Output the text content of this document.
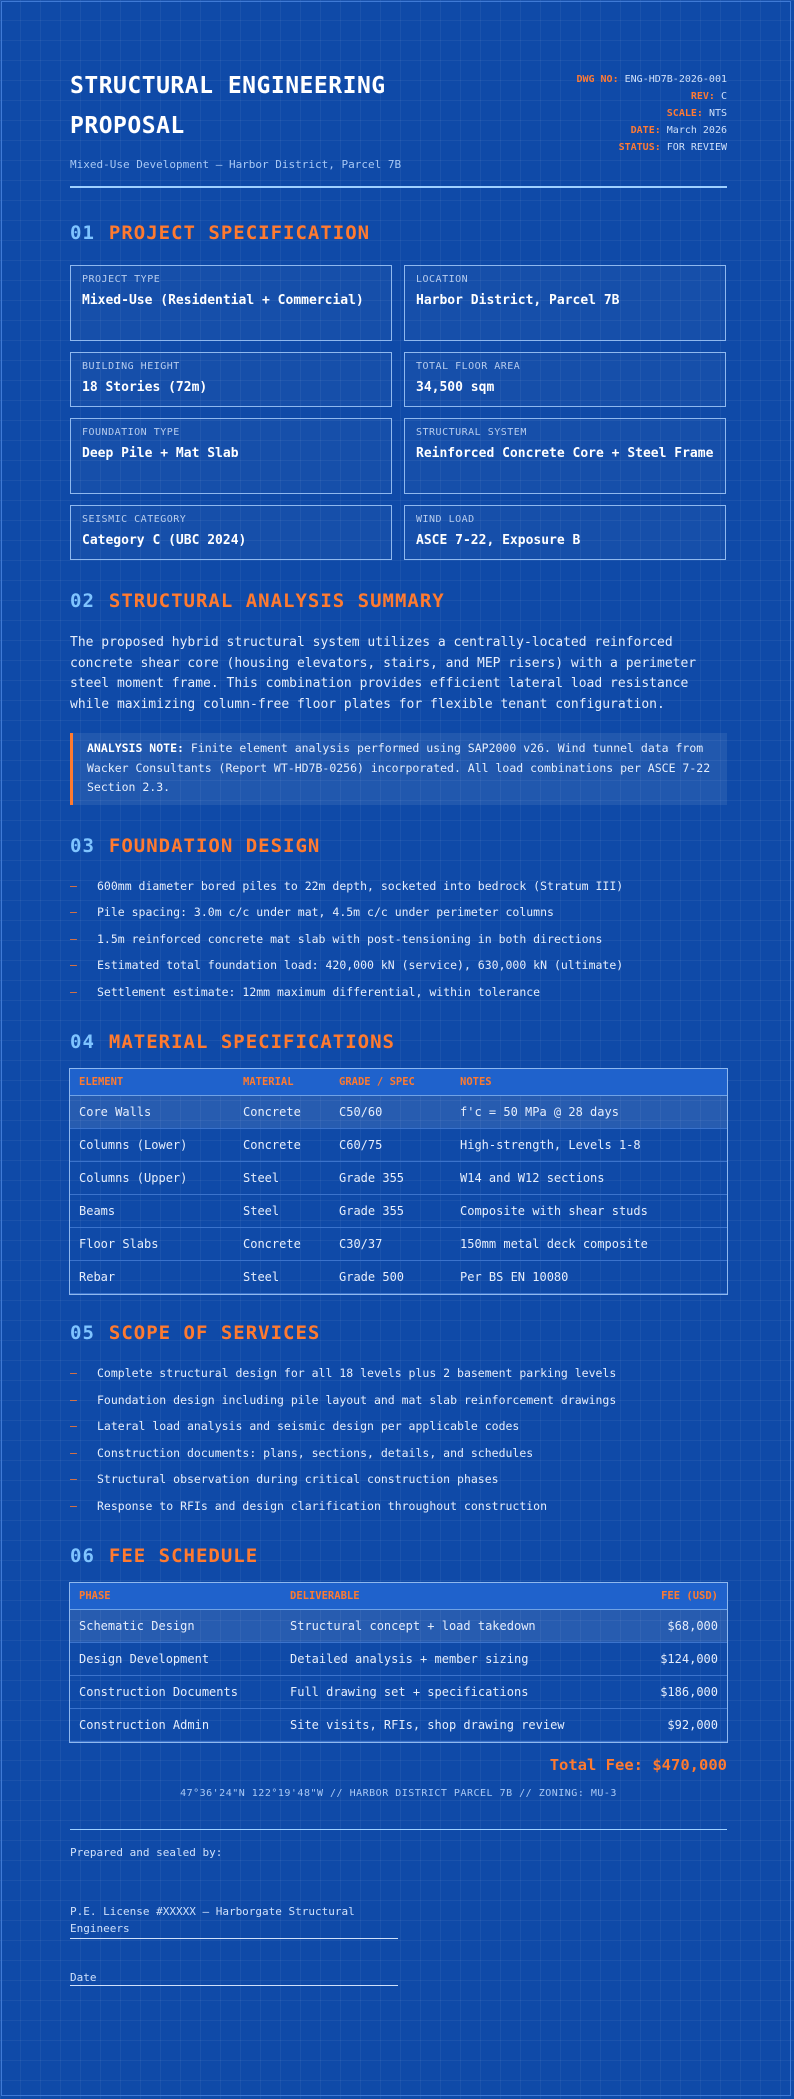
STRUCTURAL ENGINEERING PROPOSAL
Mixed-Use Development — Harbor District, Parcel 7B
DWG NO: ENG-HD7B-2026-001
REV: C
SCALE: NTS
DATE: March 2026
STATUS: FOR REVIEW
01 PROJECT SPECIFICATION
PROJECT TYPE
Mixed-Use (Residential + Commercial)
LOCATION
Harbor District, Parcel 7B
BUILDING HEIGHT
18 Stories (72m)
TOTAL FLOOR AREA
34,500 sqm
FOUNDATION TYPE
Deep Pile + Mat Slab
STRUCTURAL SYSTEM
Reinforced Concrete Core + Steel Frame
SEISMIC CATEGORY
Category C (UBC 2024)
WIND LOAD
ASCE 7-22, Exposure B
02 STRUCTURAL ANALYSIS SUMMARY
The proposed hybrid structural system utilizes a centrally-located reinforced concrete shear core (housing elevators, stairs, and MEP risers) with a perimeter steel moment frame. This combination provides efficient lateral load resistance while maximizing column-free floor plates for flexible tenant configuration.
ANALYSIS NOTE: Finite element analysis performed using SAP2000 v26. Wind tunnel data from Wacker Consultants (Report WT-HD7B-0256) incorporated. All load combinations per ASCE 7-22 Section 2.3.
03 FOUNDATION DESIGN
—	600mm diameter bored piles to 22m depth, socketed into bedrock (Stratum III)
—	Pile spacing: 3.0m c/c under mat, 4.5m c/c under perimeter columns
—	1.5m reinforced concrete mat slab with post-tensioning in both directions
—	Estimated total foundation load: 420,000 kN (service), 630,000 kN (ultimate)
—	Settlement estimate: 12mm maximum differential, within tolerance
04 MATERIAL SPECIFICATIONS
ELEMENT	MATERIAL	GRADE / SPEC	NOTES
Core Walls	Concrete	C50/60	f'c = 50 MPa @ 28 days
Columns (Lower)	Concrete	C60/75	High-strength, Levels 1-8
Columns (Upper)	Steel	Grade 355	W14 and W12 sections
Beams	Steel	Grade 355	Composite with shear studs
Floor Slabs	Concrete	C30/37	150mm metal deck composite
Rebar	Steel	Grade 500	Per BS EN 10080
05 SCOPE OF SERVICES
—	Complete structural design for all 18 levels plus 2 basement parking levels
—	Foundation design including pile layout and mat slab reinforcement drawings
—	Lateral load analysis and seismic design per applicable codes
—	Construction documents: plans, sections, details, and schedules
—	Structural observation during critical construction phases
—	Response to RFIs and design clarification throughout construction
06 FEE SCHEDULE
PHASE	DELIVERABLE	FEE (USD)
Schematic Design	Structural concept + load takedown	$68,000
Design Development	Detailed analysis + member sizing	$124,000
Construction Documents	Full drawing set + specifications	$186,000
Construction Admin	Site visits, RFIs, shop drawing review	$92,000
Total Fee: $470,000
47°36'24"N 122°19'48"W // HARBOR DISTRICT PARCEL 7B // ZONING: MU-3
Prepared and sealed by:
P.E. License #XXXXX — Harborgate Structural Engineers
Date
